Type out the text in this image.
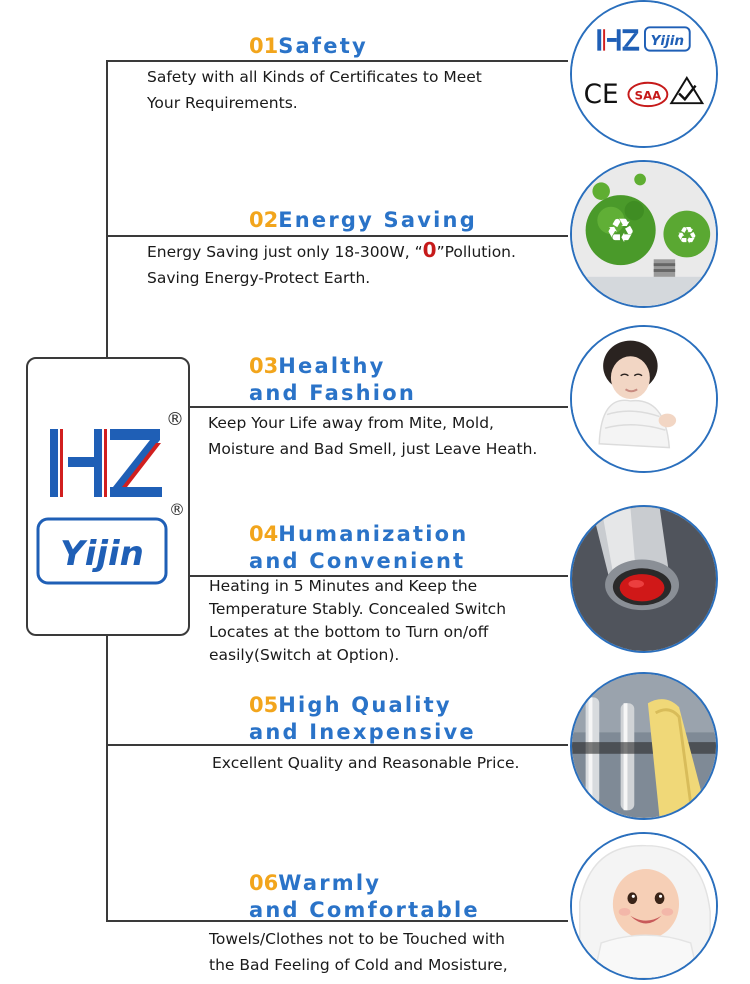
®
Yijin
®
01Safety
Safety with all Kinds of Certificates to Meet
Your Requirements.
02Energy Saving
Energy Saving just only 18-300W, “0”Pollution.
Saving Energy-Protect Earth.
03Healthy
and Fashion
Keep Your Life away from Mite, Mold,
Moisture and Bad Smell, just Leave Heath.
04Humanization
and Convenient
Heating in 5 Minutes and Keep the
Temperature Stably. Concealed Switch
Locates at the bottom to Turn on/off
easily(Switch at Option).
05High Quality
and Inexpensive
Excellent Quality and Reasonable Price.
06Warmly
and Comfortable
Towels/Clothes not to be Touched with
the Bad Feeling of Cold and Mosisture,
Yijin
CE SAA
♻ ♻
